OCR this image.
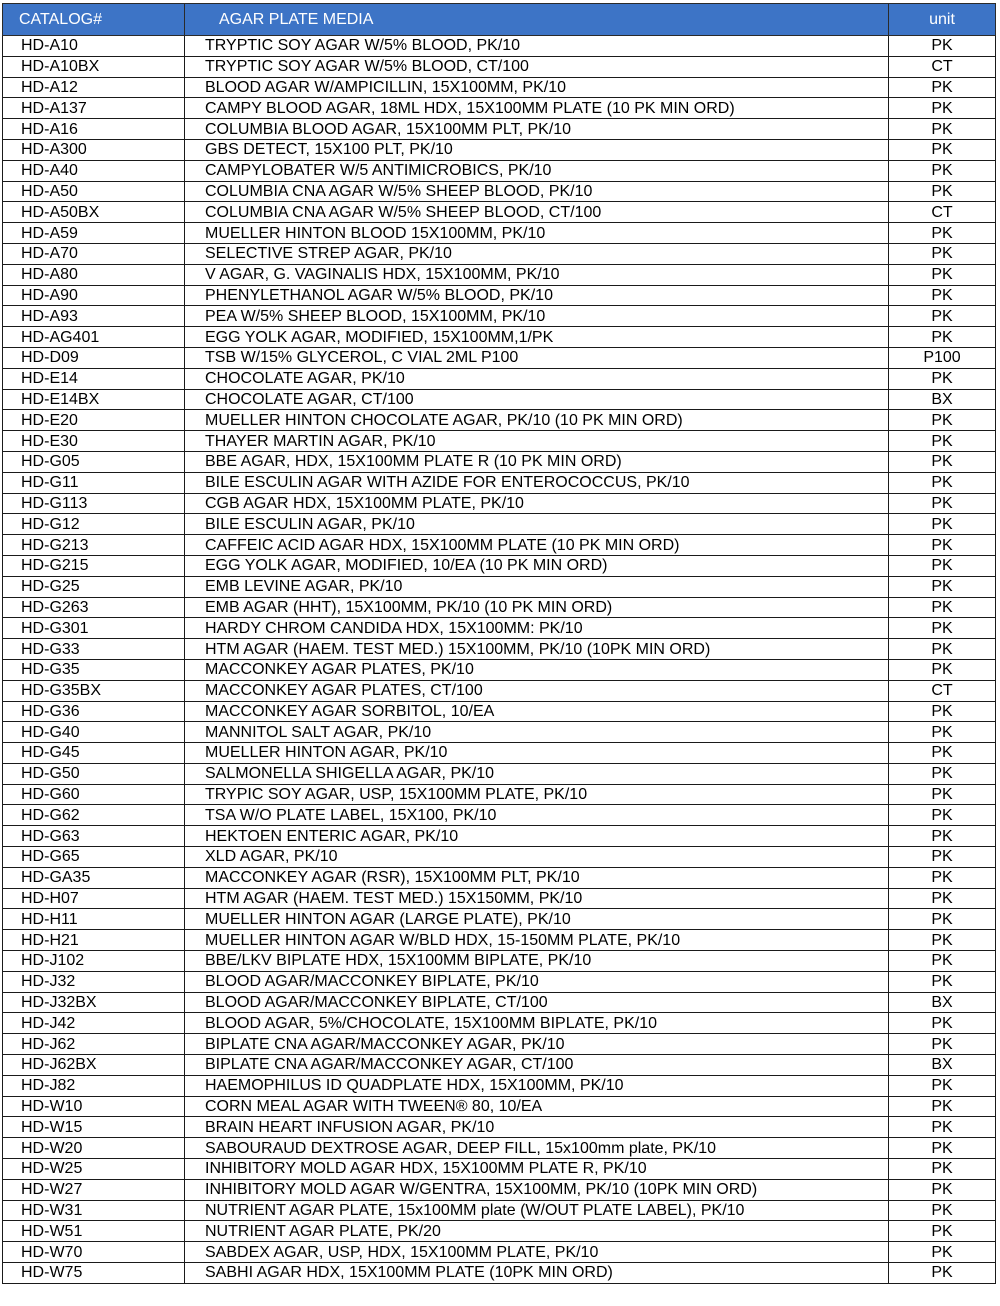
CATALOG#	AGAR PLATE MEDIA	unit
HD-A10	TRYPTIC SOY AGAR W/5% BLOOD, PK/10	PK
HD-A10BX	TRYPTIC SOY AGAR W/5% BLOOD, CT/100	CT
HD-A12	BLOOD AGAR W/AMPICILLIN, 15X100MM, PK/10	PK
HD-A137	CAMPY BLOOD AGAR, 18ML HDX, 15X100MM PLATE (10 PK MIN ORD)	PK
HD-A16	COLUMBIA BLOOD AGAR, 15X100MM PLT, PK/10	PK
HD-A300	GBS DETECT, 15X100 PLT, PK/10	PK
HD-A40	CAMPYLOBATER W/5 ANTIMICROBICS, PK/10	PK
HD-A50	COLUMBIA CNA AGAR W/5% SHEEP BLOOD, PK/10	PK
HD-A50BX	COLUMBIA CNA AGAR W/5% SHEEP BLOOD, CT/100	CT
HD-A59	MUELLER HINTON BLOOD 15X100MM, PK/10	PK
HD-A70	SELECTIVE STREP AGAR, PK/10	PK
HD-A80	V AGAR, G. VAGINALIS HDX, 15X100MM, PK/10	PK
HD-A90	PHENYLETHANOL AGAR W/5% BLOOD, PK/10	PK
HD-A93	PEA W/5% SHEEP BLOOD, 15X100MM, PK/10	PK
HD-AG401	EGG YOLK AGAR, MODIFIED, 15X100MM,1/PK	PK
HD-D09	TSB W/15% GLYCEROL, C VIAL 2ML P100	P100
HD-E14	CHOCOLATE AGAR, PK/10	PK
HD-E14BX	CHOCOLATE AGAR, CT/100	BX
HD-E20	MUELLER HINTON CHOCOLATE AGAR, PK/10 (10 PK MIN ORD)	PK
HD-E30	THAYER MARTIN AGAR, PK/10	PK
HD-G05	BBE AGAR, HDX, 15X100MM PLATE R (10 PK MIN ORD)	PK
HD-G11	BILE ESCULIN AGAR WITH AZIDE FOR ENTEROCOCCUS, PK/10	PK
HD-G113	CGB AGAR HDX, 15X100MM PLATE, PK/10	PK
HD-G12	BILE ESCULIN AGAR, PK/10	PK
HD-G213	CAFFEIC ACID AGAR HDX, 15X100MM PLATE (10 PK MIN ORD)	PK
HD-G215	EGG YOLK AGAR, MODIFIED, 10/EA (10 PK MIN ORD)	PK
HD-G25	EMB LEVINE AGAR, PK/10	PK
HD-G263	EMB AGAR (HHT), 15X100MM, PK/10 (10 PK MIN ORD)	PK
HD-G301	HARDY CHROM CANDIDA HDX, 15X100MM: PK/10	PK
HD-G33	HTM AGAR (HAEM. TEST MED.) 15X100MM, PK/10 (10PK MIN ORD)	PK
HD-G35	MACCONKEY AGAR PLATES, PK/10	PK
HD-G35BX	MACCONKEY AGAR PLATES, CT/100	CT
HD-G36	MACCONKEY AGAR SORBITOL, 10/EA	PK
HD-G40	MANNITOL SALT AGAR, PK/10	PK
HD-G45	MUELLER HINTON AGAR, PK/10	PK
HD-G50	SALMONELLA SHIGELLA AGAR, PK/10	PK
HD-G60	TRYPIC SOY AGAR, USP, 15X100MM PLATE, PK/10	PK
HD-G62	TSA W/O PLATE LABEL, 15X100, PK/10	PK
HD-G63	HEKTOEN ENTERIC AGAR, PK/10	PK
HD-G65	XLD AGAR, PK/10	PK
HD-GA35	MACCONKEY AGAR (RSR), 15X100MM PLT, PK/10	PK
HD-H07	HTM AGAR (HAEM. TEST MED.) 15X150MM, PK/10	PK
HD-H11	MUELLER HINTON AGAR (LARGE PLATE), PK/10	PK
HD-H21	MUELLER HINTON AGAR W/BLD HDX, 15-150MM PLATE, PK/10	PK
HD-J102	BBE/LKV BIPLATE HDX, 15X100MM BIPLATE, PK/10	PK
HD-J32	BLOOD AGAR/MACCONKEY BIPLATE, PK/10	PK
HD-J32BX	BLOOD AGAR/MACCONKEY BIPLATE, CT/100	BX
HD-J42	BLOOD AGAR, 5%/CHOCOLATE, 15X100MM BIPLATE, PK/10	PK
HD-J62	BIPLATE CNA AGAR/MACCONKEY AGAR, PK/10	PK
HD-J62BX	BIPLATE CNA AGAR/MACCONKEY AGAR, CT/100	BX
HD-J82	HAEMOPHILUS ID QUADPLATE HDX, 15X100MM, PK/10	PK
HD-W10	CORN MEAL AGAR WITH TWEEN® 80, 10/EA	PK
HD-W15	BRAIN HEART INFUSION AGAR, PK/10	PK
HD-W20	SABOURAUD DEXTROSE AGAR, DEEP FILL, 15x100mm plate, PK/10	PK
HD-W25	INHIBITORY MOLD AGAR HDX, 15X100MM PLATE R, PK/10	PK
HD-W27	INHIBITORY MOLD AGAR W/GENTRA, 15X100MM, PK/10 (10PK MIN ORD)	PK
HD-W31	NUTRIENT AGAR PLATE, 15x100MM plate (W/OUT PLATE LABEL), PK/10	PK
HD-W51	NUTRIENT AGAR PLATE, PK/20	PK
HD-W70	SABDEX AGAR, USP, HDX, 15X100MM PLATE, PK/10	PK
HD-W75	SABHI AGAR HDX, 15X100MM PLATE (10PK MIN ORD)	PK
